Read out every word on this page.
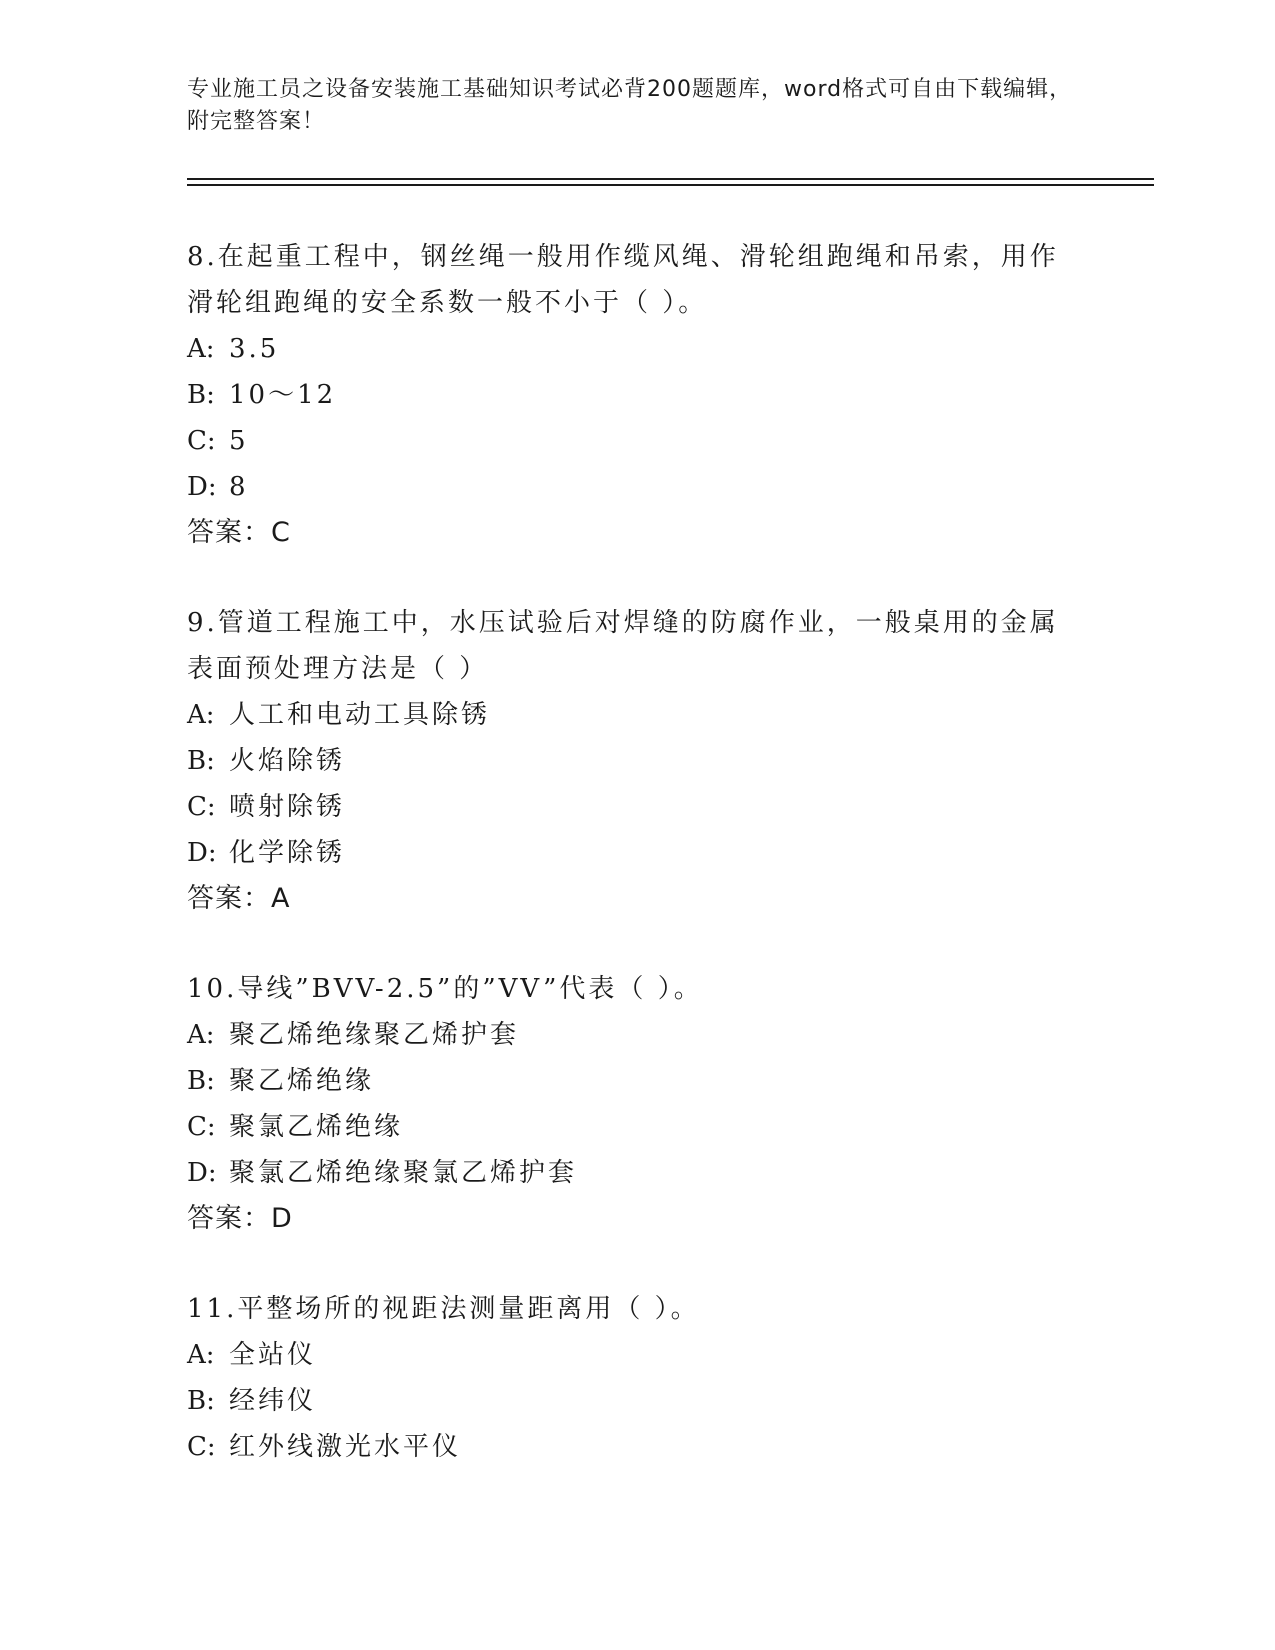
专业施工员之设备安装施工基础知识考试必背200题题库，word格式可自由下载编辑，附完整答案！
8.在起重工程中，钢丝绳一般用作缆风绳、滑轮组跑绳和吊索，用作滑轮组跑绳的安全系数一般不小于（ ）。
A: 3.5
B: 10～12
C: 5
D: 8
答案：C
9.管道工程施工中，水压试验后对焊缝的防腐作业，一般桌用的金属表面预处理方法是（ ）
A: 人工和电动工具除锈
B: 火焰除锈
C: 喷射除锈
D: 化学除锈
答案：A
10.导线”BVV-2.5”的”VV”代表（ ）。
A: 聚乙烯绝缘聚乙烯护套
B: 聚乙烯绝缘
C: 聚氯乙烯绝缘
D: 聚氯乙烯绝缘聚氯乙烯护套
答案：D
11.平整场所的视距法测量距离用（ ）。
A: 全站仪
B: 经纬仪
C: 红外线激光水平仪
